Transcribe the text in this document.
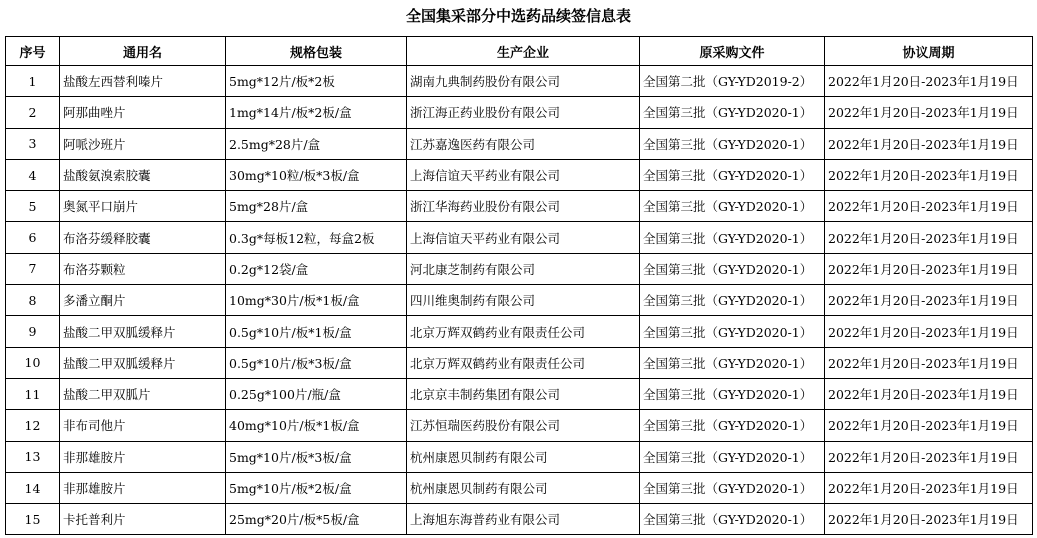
全国集采部分中选药品续签信息表
序号	通用名	规格包装	生产企业	原采购文件	协议周期
1	盐酸左西替利嗪片	5mg*12片/板*2板	湖南九典制药股份有限公司	全国第二批（GY-YD2019-2）	2022年1月20日-2023年1月19日
2	阿那曲唑片	1mg*14片/板*2板/盒	浙江海正药业股份有限公司	全国第三批（GY-YD2020-1）	2022年1月20日-2023年1月19日
3	阿哌沙班片	2.5mg*28片/盒	江苏嘉逸医药有限公司	全国第三批（GY-YD2020-1）	2022年1月20日-2023年1月19日
4	盐酸氨溴索胶囊	30mg*10粒/板*3板/盒	上海信谊天平药业有限公司	全国第三批（GY-YD2020-1）	2022年1月20日-2023年1月19日
5	奥氮平口崩片	5mg*28片/盒	浙江华海药业股份有限公司	全国第三批（GY-YD2020-1）	2022年1月20日-2023年1月19日
6	布洛芬缓释胶囊	0.3g*每板12粒，每盒2板	上海信谊天平药业有限公司	全国第三批（GY-YD2020-1）	2022年1月20日-2023年1月19日
7	布洛芬颗粒	0.2g*12袋/盒	河北康芝制药有限公司	全国第三批（GY-YD2020-1）	2022年1月20日-2023年1月19日
8	多潘立酮片	10mg*30片/板*1板/盒	四川维奥制药有限公司	全国第三批（GY-YD2020-1）	2022年1月20日-2023年1月19日
9	盐酸二甲双胍缓释片	0.5g*10片/板*1板/盒	北京万辉双鹤药业有限责任公司	全国第三批（GY-YD2020-1）	2022年1月20日-2023年1月19日
10	盐酸二甲双胍缓释片	0.5g*10片/板*3板/盒	北京万辉双鹤药业有限责任公司	全国第三批（GY-YD2020-1）	2022年1月20日-2023年1月19日
11	盐酸二甲双胍片	0.25g*100片/瓶/盒	北京京丰制药集团有限公司	全国第三批（GY-YD2020-1）	2022年1月20日-2023年1月19日
12	非布司他片	40mg*10片/板*1板/盒	江苏恒瑞医药股份有限公司	全国第三批（GY-YD2020-1）	2022年1月20日-2023年1月19日
13	非那雄胺片	5mg*10片/板*3板/盒	杭州康恩贝制药有限公司	全国第三批（GY-YD2020-1）	2022年1月20日-2023年1月19日
14	非那雄胺片	5mg*10片/板*2板/盒	杭州康恩贝制药有限公司	全国第三批（GY-YD2020-1）	2022年1月20日-2023年1月19日
15	卡托普利片	25mg*20片/板*5板/盒	上海旭东海普药业有限公司	全国第三批（GY-YD2020-1）	2022年1月20日-2023年1月19日
